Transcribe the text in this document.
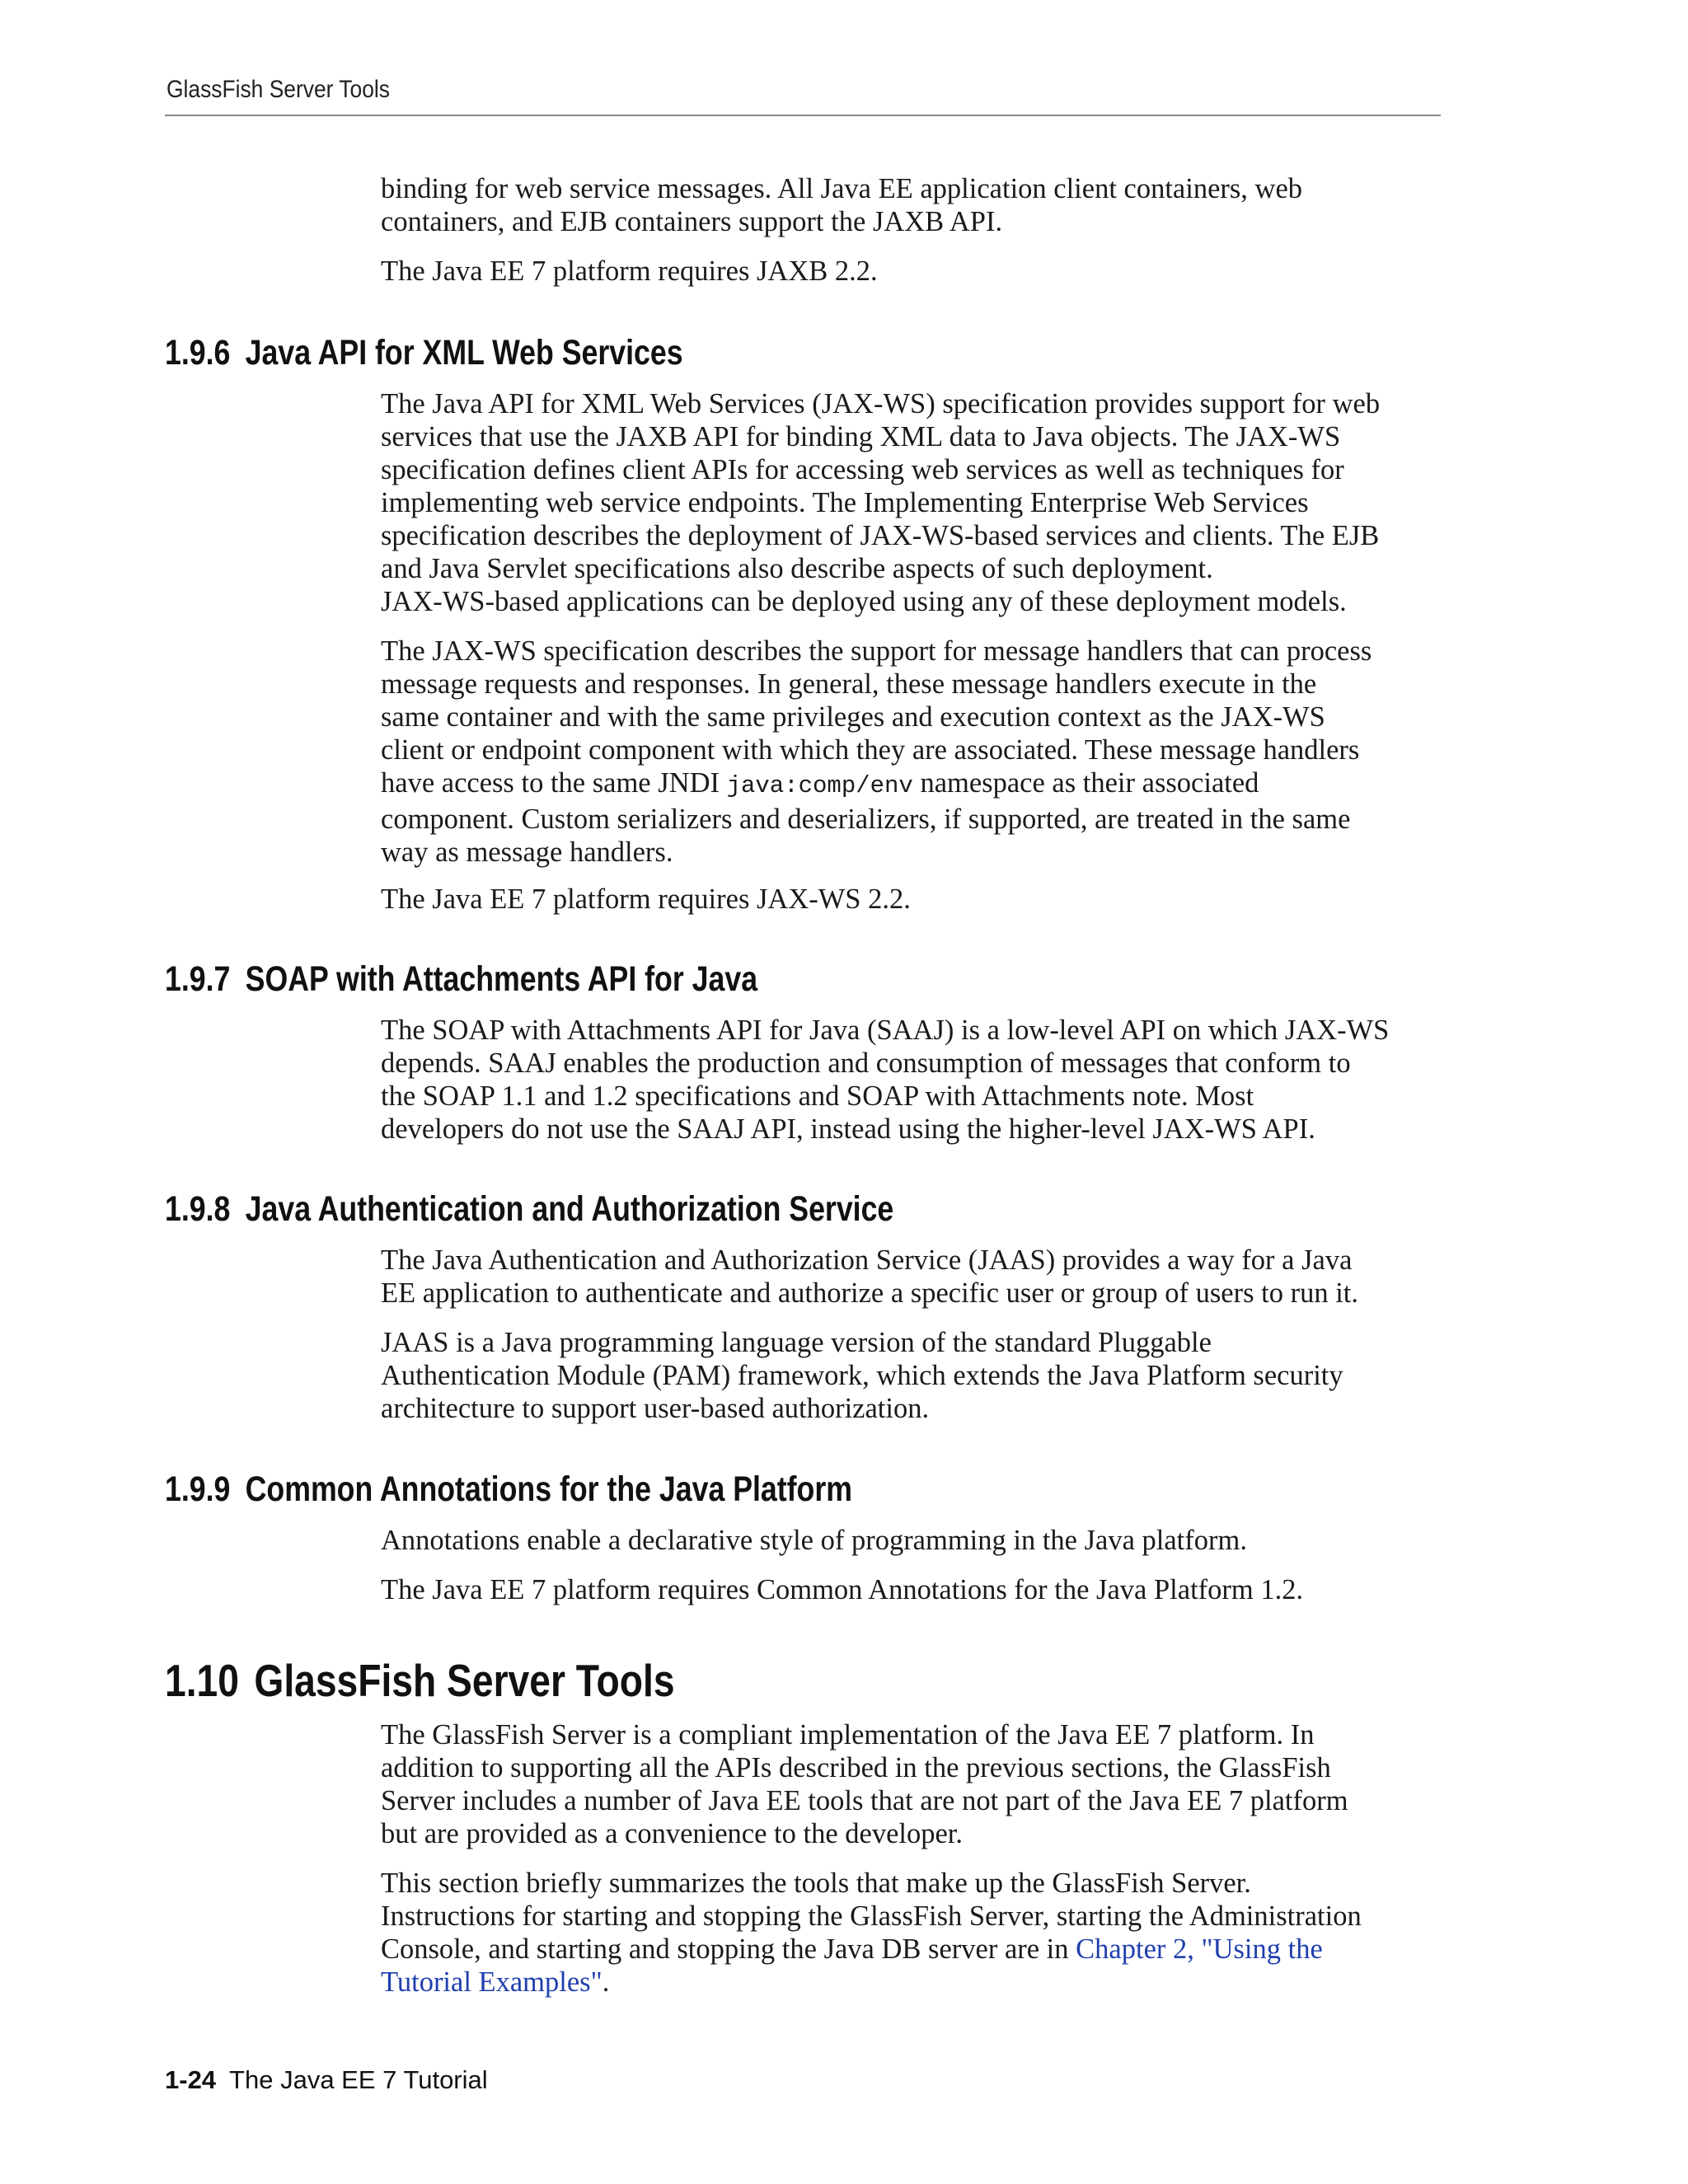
GlassFish Server Tools

binding for web service messages. All Java EE application client containers, web
containers, and EJB containers support the JAXB API.

The Java EE 7 platform requires JAXB 2.2.

1.9.6 Java API for XML Web Services

The Java API for XML Web Services (JAX-WS) specification provides support for web
services that use the JAXB API for binding XML data to Java objects. The JAX-WS
specification defines client APIs for accessing web services as well as techniques for
implementing web service endpoints. The Implementing Enterprise Web Services
specification describes the deployment of JAX-WS-based services and clients. The EJB
and Java Servlet specifications also describe aspects of such deployment.
JAX-WS-based applications can be deployed using any of these deployment models.

The JAX-WS specification describes the support for message handlers that can process
message requests and responses. In general, these message handlers execute in the
same container and with the same privileges and execution context as the JAX-WS
client or endpoint component with which they are associated. These message handlers
have access to the same JNDI java:comp/env namespace as their associated
component. Custom serializers and deserializers, if supported, are treated in the same
way as message handlers.

The Java EE 7 platform requires JAX-WS 2.2.

1.9.7 SOAP with Attachments API for Java

The SOAP with Attachments API for Java (SAAJ) is a low-level API on which JAX-WS
depends. SAAJ enables the production and consumption of messages that conform to
the SOAP 1.1 and 1.2 specifications and SOAP with Attachments note. Most
developers do not use the SAAJ API, instead using the higher-level JAX-WS API.

1.9.8 Java Authentication and Authorization Service

The Java Authentication and Authorization Service (JAAS) provides a way for a Java
EE application to authenticate and authorize a specific user or group of users to run it.

JAAS is a Java programming language version of the standard Pluggable
Authentication Module (PAM) framework, which extends the Java Platform security
architecture to support user-based authorization.

1.9.9 Common Annotations for the Java Platform

Annotations enable a declarative style of programming in the Java platform.

The Java EE 7 platform requires Common Annotations for the Java Platform 1.2.

1.10 GlassFish Server Tools

The GlassFish Server is a compliant implementation of the Java EE 7 platform. In
addition to supporting all the APIs described in the previous sections, the GlassFish
Server includes a number of Java EE tools that are not part of the Java EE 7 platform
but are provided as a convenience to the developer.

This section briefly summarizes the tools that make up the GlassFish Server.
Instructions for starting and stopping the GlassFish Server, starting the Administration
Console, and starting and stopping the Java DB server are in Chapter 2, "Using the
Tutorial Examples".

1-24 The Java EE 7 Tutorial
